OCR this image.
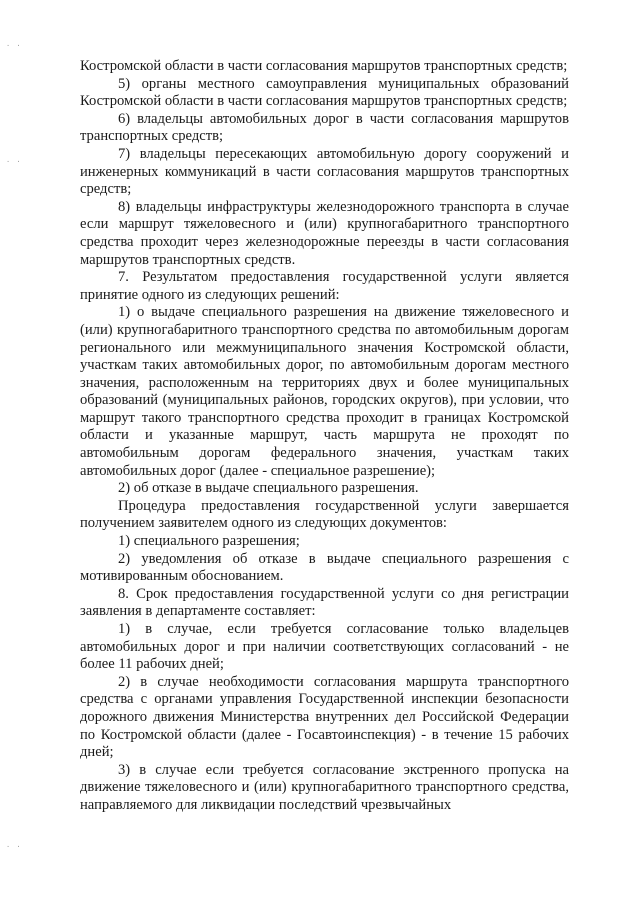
· ·
· ·
· ·

Костромской области в части согласования маршрутов транспортных средств;

5) органы местного самоуправления муниципальных образований Костромской области в части согласования маршрутов транспортных средств;

6) владельцы автомобильных дорог в части согласования маршрутов транспортных средств;

7) владельцы пересекающих автомобильную дорогу сооружений и инженерных коммуникаций в части согласования маршрутов транспортных средств;

8) владельцы инфраструктуры железнодорожного транспорта в случае если маршрут тяжеловесного и (или) крупногабаритного транспортного средства проходит через железнодорожные переезды в части согласования маршрутов транспортных средств.

7. Результатом предоставления государственной услуги является принятие одного из следующих решений:

1) о выдаче специального разрешения на движение тяжеловесного и (или) крупногабаритного транспортного средства по автомобильным дорогам регионального или межмуниципального значения Костромской области, участкам таких автомобильных дорог, по автомобильным дорогам местного значения, расположенным на территориях двух и более муниципальных образований (муниципальных районов, городских округов), при условии, что маршрут такого транспортного средства проходит в границах Костромской области и указанные маршрут, часть маршрута не проходят по автомобильным дорогам федерального значения, участкам таких автомобильных дорог (далее - специальное разрешение);

2) об отказе в выдаче специального разрешения.

Процедура предоставления государственной услуги завершается получением заявителем одного из следующих документов:

1) специального разрешения;

2) уведомления об отказе в выдаче специального разрешения с мотивированным обоснованием.

8. Срок предоставления государственной услуги со дня регистрации заявления в департаменте составляет:

1) в случае, если требуется согласование только владельцев автомобильных дорог и при наличии соответствующих согласований - не более 11 рабочих дней;

2) в случае необходимости согласования маршрута транспортного средства с органами управления Государственной инспекции безопасности дорожного движения Министерства внутренних дел Российской Федерации по Костромской области (далее - Госавтоинспекция) - в течение 15 рабочих дней;

3) в случае если требуется согласование экстренного пропуска на движение тяжеловесного и (или) крупногабаритного транспортного средства, направляемого для ликвидации последствий чрезвычайных
